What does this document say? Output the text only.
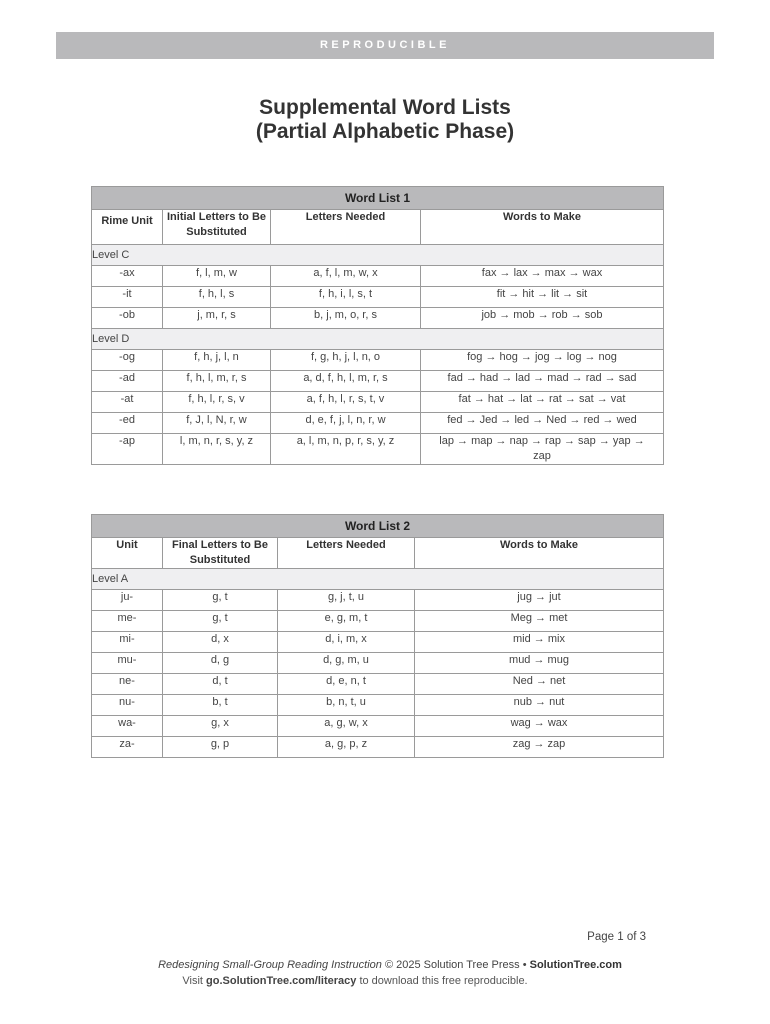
REPRODUCIBLE
Supplemental Word Lists
(Partial Alphabetic Phase)
Word List 1			
Rime Unit	Initial Letters to Be Substituted	Letters Needed	Words to Make
Level C			
-ax	f, l, m, w	a, f, l, m, w, x	fax → lax → max → wax
-it	f, h, l, s	f, h, i, l, s, t	fit → hit → lit → sit
-ob	j, m, r, s	b, j, m, o, r, s	job → mob → rob → sob
Level D			
-og	f, h, j, l, n	f, g, h, j, l, n, o	fog → hog → jog → log → nog
-ad	f, h, l, m, r, s	a, d, f, h, l, m, r, s	fad → had → lad → mad → rad → sad
-at	f, h, l, r, s, v	a, f, h, l, r, s, t, v	fat → hat → lat → rat → sat → vat
-ed	f, J, l, N, r, w	d, e, f, j, l, n, r, w	fed → Jed → led → Ned → red → wed
-ap	l, m, n, r, s, y, z	a, l, m, n, p, r, s, y, z	lap → map → nap → rap → sap → yap → zap
Word List 2			
Unit	Final Letters to Be Substituted	Letters Needed	Words to Make
Level A			
ju-	g, t	g, j, t, u	jug → jut
me-	g, t	e, g, m, t	Meg → met
mi-	d, x	d, i, m, x	mid → mix
mu-	d, g	d, g, m, u	mud → mug
ne-	d, t	d, e, n, t	Ned → net
nu-	b, t	b, n, t, u	nub → nut
wa-	g, x	a, g, w, x	wag → wax
za-	g, p	a, g, p, z	zag → zap
Page 1 of 3
Redesigning Small-Group Reading Instruction © 2025 Solution Tree Press • SolutionTree.com
Visit go.SolutionTree.com/literacy to download this free reproducible.
